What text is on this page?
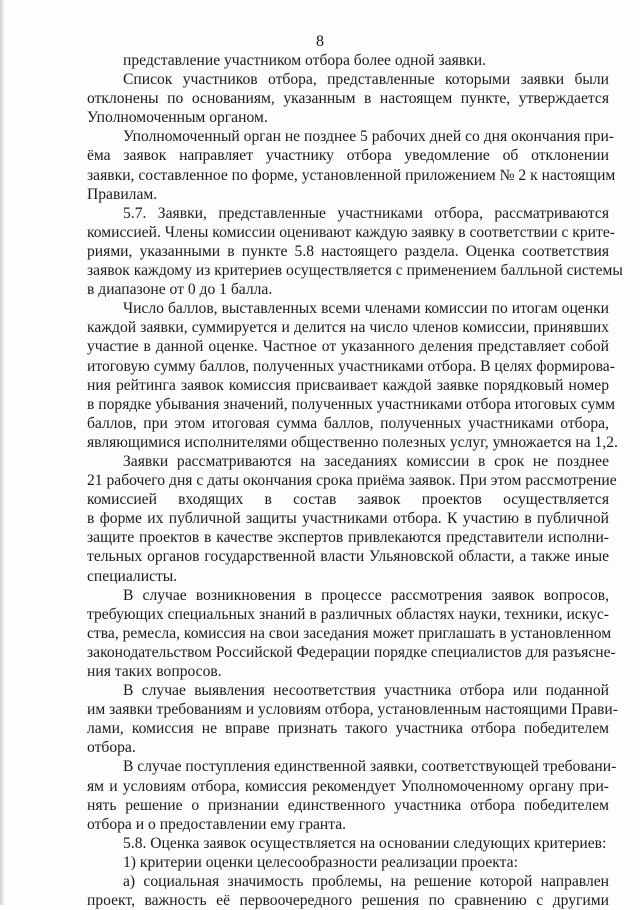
8
представление участником отбора более одной заявки.
Список участников отбора, представленные которыми заявки были
отклонены по основаниям, указанным в настоящем пункте, утверждается
Уполномоченным органом.
Уполномоченный орган не позднее 5 рабочих дней со дня окончания при-
ёма заявок направляет участнику отбора уведомление об отклонении
заявки, составленное по форме, установленной приложением № 2 к настоящим
Правилам.
5.7. Заявки, представленные участниками отбора, рассматриваются
комиссией. Члены комиссии оценивают каждую заявку в соответствии с крите-
риями, указанными в пункте 5.8 настоящего раздела. Оценка соответствия
заявок каждому из критериев осуществляется с применением балльной системы
в диапазоне от 0 до 1 балла.
Число баллов, выставленных всеми членами комиссии по итогам оценки
каждой заявки, суммируется и делится на число членов комиссии, принявших
участие в данной оценке. Частное от указанного деления представляет собой
итоговую сумму баллов, полученных участниками отбора. В целях формирова-
ния рейтинга заявок комиссия присваивает каждой заявке порядковый номер
в порядке убывания значений, полученных участниками отбора итоговых сумм
баллов, при этом итоговая сумма баллов, полученных участниками отбора,
являющимися исполнителями общественно полезных услуг, умножается на 1,2.
Заявки рассматриваются на заседаниях комиссии в срок не позднее
21 рабочего дня с даты окончания срока приёма заявок. При этом рассмотрение
комиссией входящих в состав заявок проектов осуществляется
в форме их публичной защиты участниками отбора. К участию в публичной
защите проектов в качестве экспертов привлекаются представители исполни-
тельных органов государственной власти Ульяновской области, а также иные
специалисты.
В случае возникновения в процессе рассмотрения заявок вопросов,
требующих специальных знаний в различных областях науки, техники, искус-
ства, ремесла, комиссия на свои заседания может приглашать в установленном
законодательством Российской Федерации порядке специалистов для разъясне-
ния таких вопросов.
В случае выявления несоответствия участника отбора или поданной
им заявки требованиям и условиям отбора, установленным настоящими Прави-
лами, комиссия не вправе признать такого участника отбора победителем
отбора.
В случае поступления единственной заявки, соответствующей требовани-
ям и условиям отбора, комиссия рекомендует Уполномоченному органу при-
нять решение о признании единственного участника отбора победителем
отбора и о предоставлении ему гранта.
5.8. Оценка заявок осуществляется на основании следующих критериев:
1) критерии оценки целесообразности реализации проекта:
а) социальная значимость проблемы, на решение которой направлен
проект, важность её первоочередного решения по сравнению с другими
